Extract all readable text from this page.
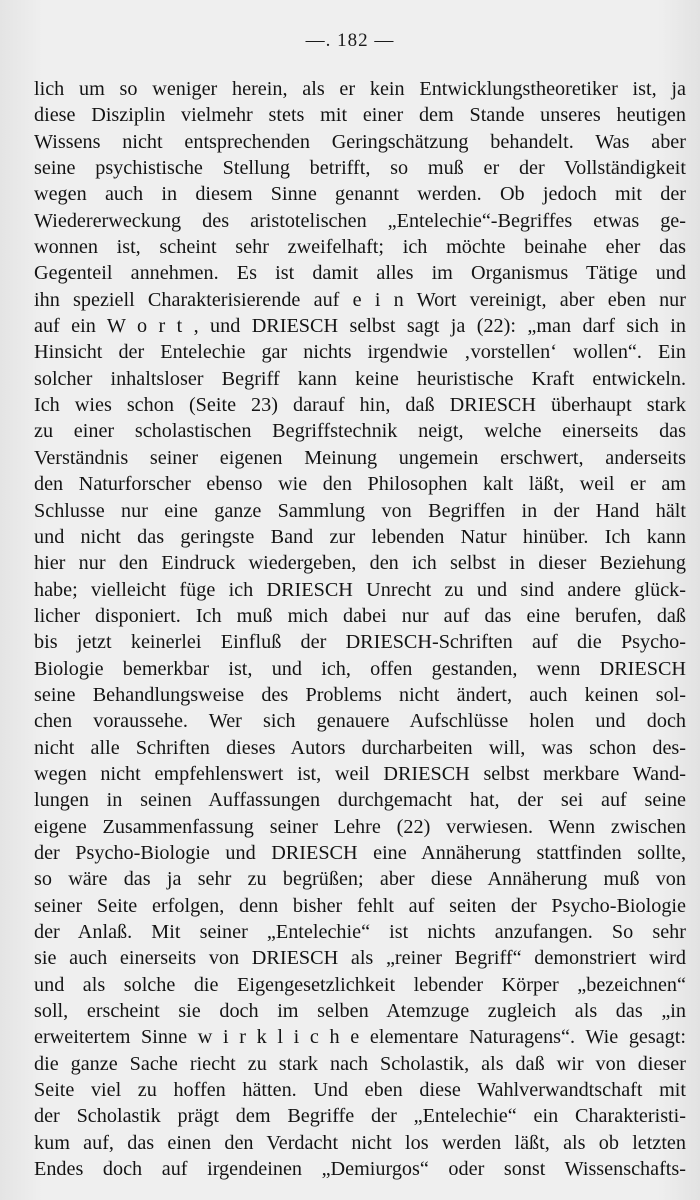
—. 182 —
lich um so weniger herein, als er kein Entwicklungstheoretiker ist, ja
diese Disziplin vielmehr stets mit einer dem Stande unseres heutigen
Wissens nicht entsprechenden Geringschätzung behandelt. Was aber
seine psychistische Stellung betrifft, so muß er der Vollständigkeit
wegen auch in diesem Sinne genannt werden. Ob jedoch mit der
Wiedererweckung des aristotelischen „Entelechie“-Begriffes etwas ge-
wonnen ist, scheint sehr zweifelhaft; ich möchte beinahe eher das
Gegenteil annehmen. Es ist damit alles im Organismus Tätige und
ihn speziell Charakterisierende auf e i n Wort vereinigt, aber eben nur
auf ein W o r t , und DRIESCH selbst sagt ja (22): „man darf sich in
Hinsicht der Entelechie gar nichts irgendwie ‚vorstellen‘ wollen“. Ein
solcher inhaltsloser Begriff kann keine heuristische Kraft entwickeln.
Ich wies schon (Seite 23) darauf hin, daß DRIESCH überhaupt stark
zu einer scholastischen Begriffstechnik neigt, welche einerseits das
Verständnis seiner eigenen Meinung ungemein erschwert, anderseits
den Naturforscher ebenso wie den Philosophen kalt läßt, weil er am
Schlusse nur eine ganze Sammlung von Begriffen in der Hand hält
und nicht das geringste Band zur lebenden Natur hinüber. Ich kann
hier nur den Eindruck wiedergeben, den ich selbst in dieser Beziehung
habe; vielleicht füge ich DRIESCH Unrecht zu und sind andere glück-
licher disponiert. Ich muß mich dabei nur auf das eine berufen, daß
bis jetzt keinerlei Einfluß der DRIESCH-Schriften auf die Psycho-
Biologie bemerkbar ist, und ich, offen gestanden, wenn DRIESCH
seine Behandlungsweise des Problems nicht ändert, auch keinen sol-
chen voraussehe. Wer sich genauere Aufschlüsse holen und doch
nicht alle Schriften dieses Autors durcharbeiten will, was schon des-
wegen nicht empfehlenswert ist, weil DRIESCH selbst merkbare Wand-
lungen in seinen Auffassungen durchgemacht hat, der sei auf seine
eigene Zusammenfassung seiner Lehre (22) verwiesen. Wenn zwischen
der Psycho-Biologie und DRIESCH eine Annäherung stattfinden sollte,
so wäre das ja sehr zu begrüßen; aber diese Annäherung muß von
seiner Seite erfolgen, denn bisher fehlt auf seiten der Psycho-Biologie
der Anlaß. Mit seiner „Entelechie“ ist nichts anzufangen. So sehr
sie auch einerseits von DRIESCH als „reiner Begriff“ demonstriert wird
und als solche die Eigengesetzlichkeit lebender Körper „bezeichnen“
soll, erscheint sie doch im selben Atemzuge zugleich als das „in
erweitertem Sinne w i r k l i c h e elementare Naturagens“. Wie gesagt:
die ganze Sache riecht zu stark nach Scholastik, als daß wir von dieser
Seite viel zu hoffen hätten. Und eben diese Wahlverwandtschaft mit
der Scholastik prägt dem Begriffe der „Entelechie“ ein Charakteristi-
kum auf, das einen den Verdacht nicht los werden läßt, als ob letzten
Endes doch auf irgendeinen „Demiurgos“ oder sonst Wissenschafts-
